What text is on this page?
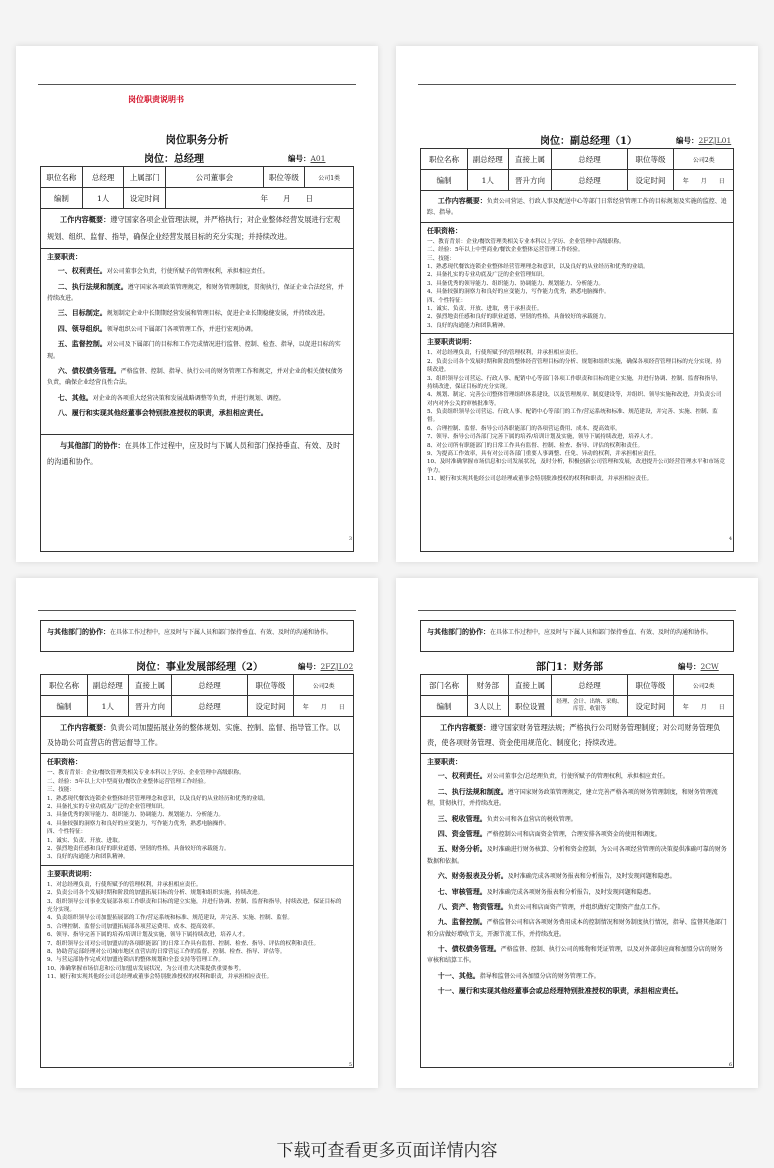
岗位职责说明书
岗位职务分析
岗位：总经理	编号：A01
职位名称	总经理	上属部门	公司董事会	职位等级	公司1类
编制	1人	设定时间	年　　月　　日		
工作内容概要：遵守国家各项企业管理法规，并严格执行；对企业整体经营发展进行宏观规划、组织、监督、指导，确保企业经营发展目标的充分实现；并持续改进。
主要职责：
一、权利责任。对公司董事会负责，行使所赋予的管理权利，承担相应责任。
二、执行法规和制度。遵守国家各项政策管理规定，和财务管理制度，贯彻执行，保证企业合法经营，并持续改进。
三、目标制定。规划制定企业中长期期经营发展和管理目标，促进企业长期稳健发展，并持续改进。
四、领导组织。领导组织公司下属部门各项管理工作，并进行宏观协调。
五、监督控制。对公司及下属部门的目标和工作完成情况进行监督、控制、检查、指导，以促进目标的实现。
六、债权债务管理。严格监督、控制、指导、执行公司的财务管理工作和规定，并对企业的相关债权债务负责，确保企业经营良性合法。
七、其他。对企业的各项重大经营决策和发展战略调整等负责，并进行规划、调控。
八、履行和实现其他经董事会特别批准授权的职责，承担相应责任。
与其他部门的协作：在具体工作过程中，应及时与下属人员和部门保持垂直、有效、及时的沟通和协作。
3
岗位：副总经理（1）	编号：2FZJL01
职位名称	副总经理	直接上属	总经理	职位等级	公司2类
编制	1人	晋升方向	总经理	设定时间	年　　月　　日
工作内容概要：负责公司营运、行政人事及配送中心等部门日常经营管理工作的目标规划及实施的监控、追踪、指导。
任职资格：
一、教育背景：企业/餐饮管理类相关专业本科以上学历、企业管理中高级职称。
二、经验：5年以上中型商业/餐饮企业整体运营管理工作经验。
三、技能：
1、熟悉现代餐饮连锁企业整体经营管理理念和意识，以及良好的从业经历和优秀的业绩。
2、具备扎实的专业功底及广泛的企业管理知识。
3、具备优秀的领导能力、组织能力、协调能力、规划能力、分析能力。
4、具备较强的洞察力和良好的应变能力，写作能力优秀，熟悉电脑操作。
四、个性特征：
1、诚实、负责、开放、进取，勇于承担责任。
2、强烈地责任感和良好的职业道德，坚韧的性格，具备较好的承载能力。
3、良好的沟通能力和团队精神。
主要职责说明：
1、对总经理负责，行使所赋予的管理权利，并承担相应责任。
2、负责公司各个发展时期和阶段的整体经营管理目标的分析、规划和组织实施，确保各项经营管理目标的充分实现，持续改进。
3、组织领导公司营运、行政人事、配销中心等部门各项工作职责和目标的建立实施，并进行协调、控制、监督和指导，持续改进，保证目标的充分实现。
4、规划、制定、完善公司整体管理组织体系建设，以及管理规章、制度建设等，并组织、领导实施和改进，并负责公司对内对外公关的审核批准等。
5、负责组织领导公司营运、行政人事、配销中心等部门的工作/营运系统和标准、规范建设，并完善、实施、控制、监督。
6、合理控制、监督、指导公司各职能部门的各项营运费用、成本、提高效率。
7、领导、指导公司各部门完善下属的培养/培训计划及实施，领导下属持续改进，培养人才。
8、对公司所有职能部门的日常工作具有监督、控制、检查、指导、评估的权利和责任。
9、为提高工作效率，具有对公司各部门重要人事调整、任免、异动的权利，并承担相应责任。
10、及时准确掌握市场信息和公司发展状况，及时分析，积极创新公司管理和发展，改进提升公司经营管理水平和市场竞争力。
11、履行和实现其他经公司总经理或董事会特别批准授权的权利和职责，并承担相应责任。
4
与其他部门的协作：在具体工作过程中，应及时与下属人员和部门保持垂直、有效、及时的沟通和协作。
岗位：事业发展部经理（2）	编号：2FZJL02
职位名称	副总经理	直接上属	总经理	职位等级	公司2类
编制	1人	晋升方向	总经理	设定时间	年　　月　　日
工作内容概要：负责公司加盟拓展业务的整体规划、实施、控制、监督、指导管工作。以及协助公司直营店的营运督导工作。
任职资格：
一、教育背景：企业/餐饮管理类相关专业本科以上学历、企业管理中高级职称。
二、经验：5年以上大中型商业/餐饮企业整体运营管理工作经验。
三、技能：
1、熟悉现代餐饮连锁企业整体经营管理理念和意识，以及良好的从业经历和优秀的业绩。
2、具备扎实的专业功底及广泛的企业管理知识。
3、具备优秀的领导能力、组织能力、协调能力、规划能力、分析能力。
4、具备较强的洞察力和良好的应变能力，写作能力优秀，熟悉电脑操作。
四、个性特征：
1、诚实、负责、开放、进取。
2、强烈地责任感和良好的职业道德，坚韧的性格，具备较好的承载能力。
3、良好的沟通能力和团队精神。
主要职责说明：
1、对总经理负责，行使所赋予的管理权利，并承担相应责任。
2、负责公司各个发展时期和阶段的加盟拓展目标的分析、规划和组织实施，持续改进。
3、组织领导公司事业发展部各项工作职责和目标的建立实施，并进行协调、控制、监督和指导，持续改进，保证目标的充分实现。
4、负责组织领导公司加盟拓展部的工作/营运系统和标准、规范建设，并完善、实施、控制、监督。
5、合理控制、监督公司加盟拓展部各项营运费用、成本、提高效率。
6、领导、指导完善下属的培养/培训计划及实施，领导下属持续改进，培养人才。
7、组织领导公司对公司加盟店的各项职能部门的日常工作具有监督、控制、检查、指导、评估的权利和责任。
8、协助营运部经理对公司城市地区直营店的日常营运工作的监督、控制、检查、指导、评估等。
9、与营运部协作完成对加盟连锁店的整体规划和全套支持等管理工作。
10、准确掌握市场信息和公司加盟店发展状况，为公司重大决策提供重要参考。
11、履行和实现其他经公司总经理或董事会特别批准授权的权利和职责，并承担相应责任。
5
与其他部门的协作：在具体工作过程中，应及时与下属人员和部门保持垂直、有效、及时的沟通和协作。
部门1：财务部	编号：2CW
部门名称	财务部	直接上属	总经理	职位等级	公司2类
编制	3人以上	职位设置	经理、会计、出纳、采购、库管、收银等	设定时间	年　　月　　日
工作内容概要：遵守国家财务管理法规；严格执行公司财务管理制度；对公司财务管理负责，使各项财务管理、资金使用规范化、制度化；持续改进。
主要职责：
一、权利责任。对公司董事会/总经理负责，行使所赋予的管理权利，承担相应责任。
二、执行法规和制度。遵守国家财务政策管理规定，建立完善严格各项的财务管理制度，和财务管理流程，贯彻执行，并持续改进。
三、税收管理。负责公司和各直营店的税收管理。
四、资金管理。严格控制公司和店面资金管理，合理安排各项资金的使用和调度。
五、财务分析。及时准确进行财务核算、分析和资金控制，为公司各项经营管理的决策提供准确可靠的财务数据和依据。
六、财务报表及分析。及时准确完成各项财务报表和分析报告，及时发现问题和隐患。
七、审核管理。及时准确完成各项财务报表和分析报告，及时发现问题和隐患。
八、资产、物资管理。负责公司和店面资产管理，并组织做好定期资产盘点工作。
九、监督控制。严格监督公司和店各项财务费用成本的控制情况和财务制度执行情况，指导、监督其他部门和分店做好增收节支，开源节流工作，并持续改进。
十、债权债务管理。严格监督、控制、执行公司的账物和凭证管理，以及对外部供应商和加盟分店的财务审核和结算工作。
十一、其他。指导和监督公司各加盟分店的财务管理工作。
十一、履行和实现其他经董事会或总经理特别批准授权的职责，承担相应责任。
6
下载可查看更多页面详情内容
